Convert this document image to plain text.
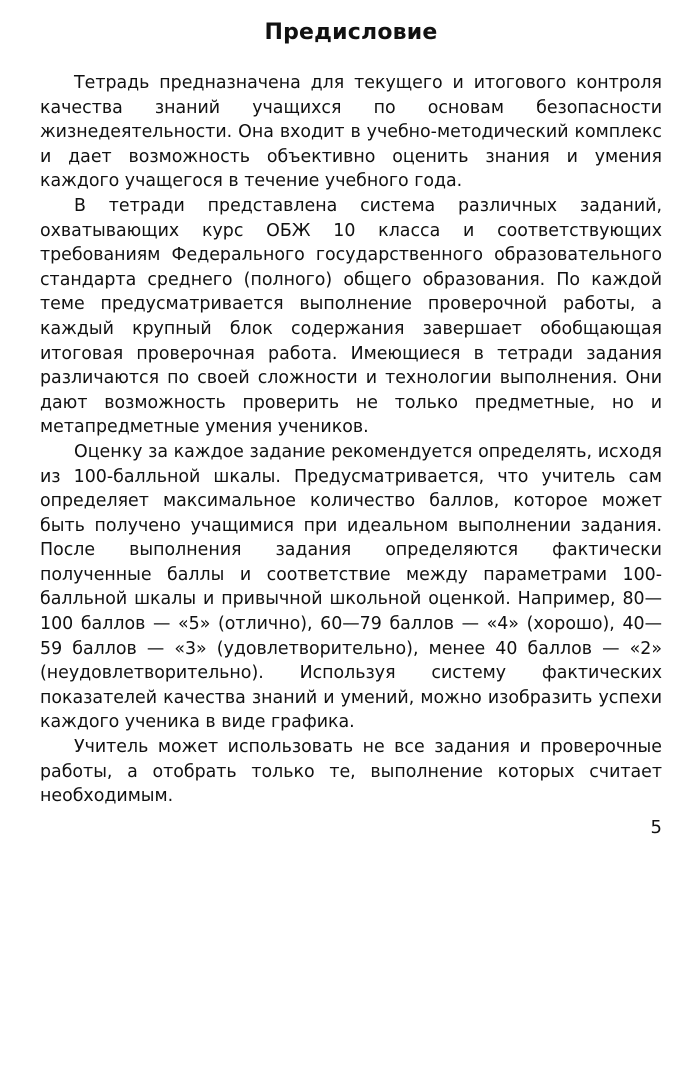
Предисловие

Тетрадь предназначена для текущего и итогового контроля качества знаний учащихся по основам безопасности жизнедеятельности. Она входит в учебно-методический комплекс и дает возможность объективно оценить знания и умения каждого учащегося в течение учебного года.

В тетради представлена система различных заданий, охватывающих курс ОБЖ 10 класса и соответствующих требованиям Федерального государственного образовательного стандарта среднего (полного) общего образования. По каждой теме предусматривается выполнение проверочной работы, а каждый крупный блок содержания завершает обобщающая итоговая проверочная работа. Имеющиеся в тетради задания различаются по своей сложности и технологии выполнения. Они дают возможность проверить не только предметные, но и метапредметные умения учеников.

Оценку за каждое задание рекомендуется определять, исходя из 100-балльной шкалы. Предусматривается, что учитель сам определяет максимальное количество баллов, которое может быть получено учащимися при идеальном выполнении задания. После выполнения задания определяются фактически полученные баллы и соответствие между параметрами 100-балльной шкалы и привычной школьной оценкой. Например, 80—100 баллов — «5» (отлично), 60—79 баллов — «4» (хорошо), 40—59 баллов — «3» (удовлетворительно), менее 40 баллов — «2» (неудовлетворительно). Используя систему фактических показателей качества знаний и умений, можно изобразить успехи каждого ученика в виде графика.

Учитель может использовать не все задания и проверочные работы, а отобрать только те, выполнение которых считает необходимым.

5
